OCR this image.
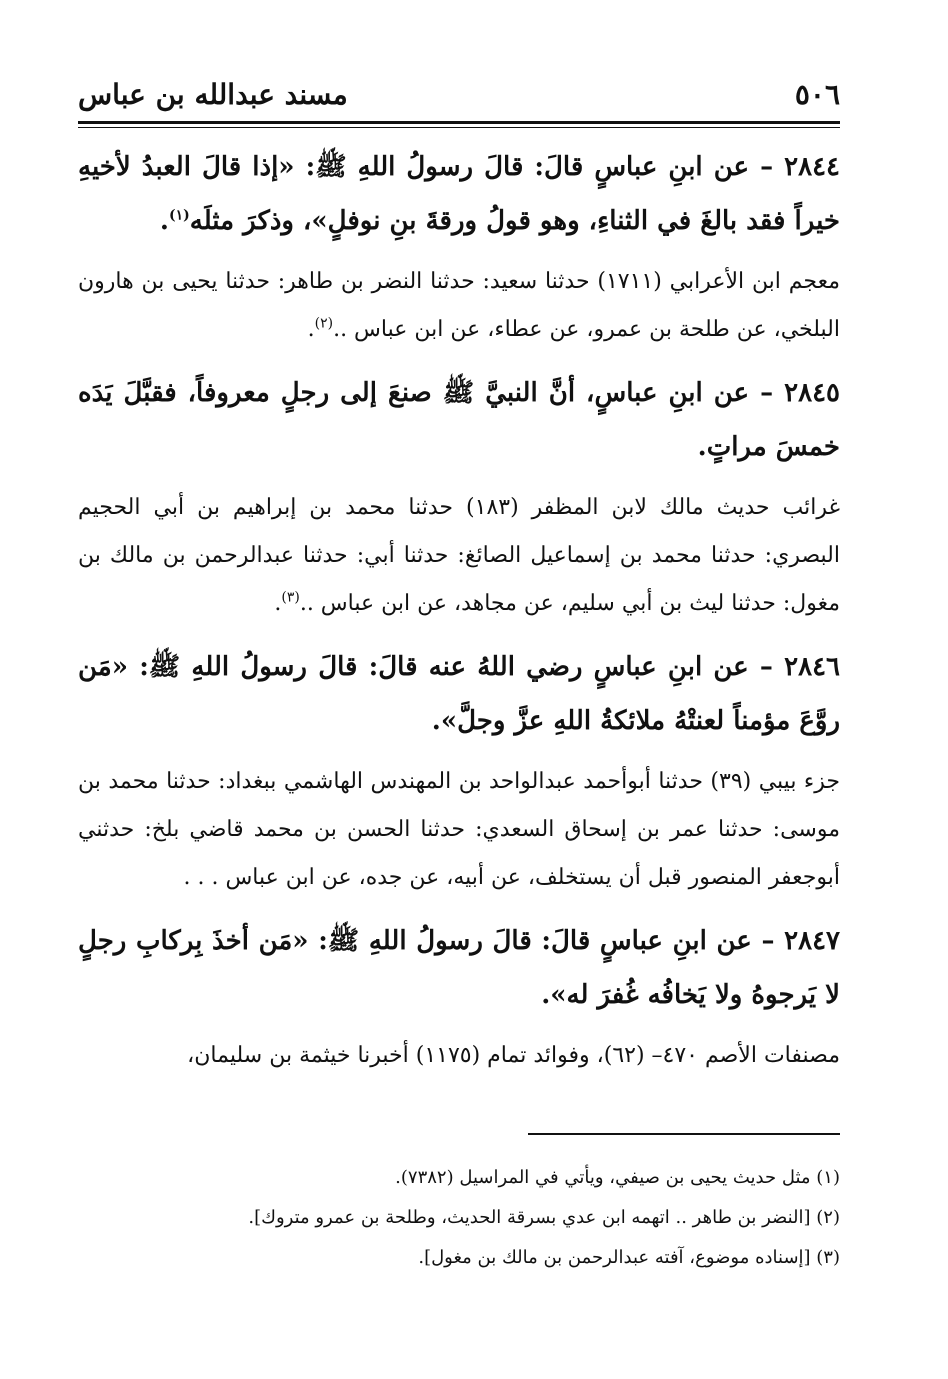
٥٠٦
مسند عبدالله بن عباس

٢٨٤٤ – عن ابنِ عباسٍ قالَ: قالَ رسولُ اللهِ ﷺ: «إذا قالَ العبدُ لأخيهِ خيراً فقد بالغَ في الثناءِ، وهو قولُ ورقةَ بنِ نوفلٍ»، وذكرَ مثلَه$^{(١)}$.

معجم ابن الأعرابي (١٧١١) حدثنا سعيد: حدثنا النضر بن طاهر: حدثنا يحيى بن هارون البلخي، عن طلحة بن عمرو، عن عطاء، عن ابن عباس ..$^{(٢)}$.

٢٨٤٥ – عن ابنِ عباسٍ، أنَّ النبيَّ ﷺ صنعَ إلى رجلٍ معروفاً، فقبَّلَ يَدَه خمسَ مراتٍ.

غرائب حديث مالك لابن المظفر (١٨٣) حدثنا محمد بن إبراهيم بن أبي الحجيم البصري: حدثنا محمد بن إسماعيل الصائغ: حدثنا أبي: حدثنا عبدالرحمن بن مالك بن مغول: حدثنا ليث بن أبي سليم، عن مجاهد، عن ابن عباس ..$^{(٣)}$.

٢٨٤٦ – عن ابنِ عباسٍ رضي اللهُ عنه قالَ: قالَ رسولُ اللهِ ﷺ: «مَن روَّعَ مؤمناً لعنتْهُ ملائكةُ اللهِ عزَّ وجلَّ».

جزء بيبي (٣٩) حدثنا أبوأحمد عبدالواحد بن المهندس الهاشمي ببغداد: حدثنا محمد بن موسى: حدثنا عمر بن إسحاق السعدي: حدثنا الحسن بن محمد قاضي بلخ: حدثني أبوجعفر المنصور قبل أن يستخلف، عن أبيه، عن جده، عن ابن عباس . . .

٢٨٤٧ – عن ابنِ عباسٍ قالَ: قالَ رسولُ اللهِ ﷺ: «مَن أخذَ بِركابِ رجلٍ لا يَرجوهُ ولا يَخافُه غُفرَ له».

مصنفات الأصم ٤٧٠– (٦٢)، وفوائد تمام (١١٧٥) أخبرنا خيثمة بن سليمان،

(١) مثل حديث يحيى بن صيفي، ويأتي في المراسيل (٧٣٨٢).

(٢) [النضر بن طاهر .. اتهمه ابن عدي بسرقة الحديث، وطلحة بن عمرو متروك].

(٣) [إسناده موضوع، آفته عبدالرحمن بن مالك بن مغول].
